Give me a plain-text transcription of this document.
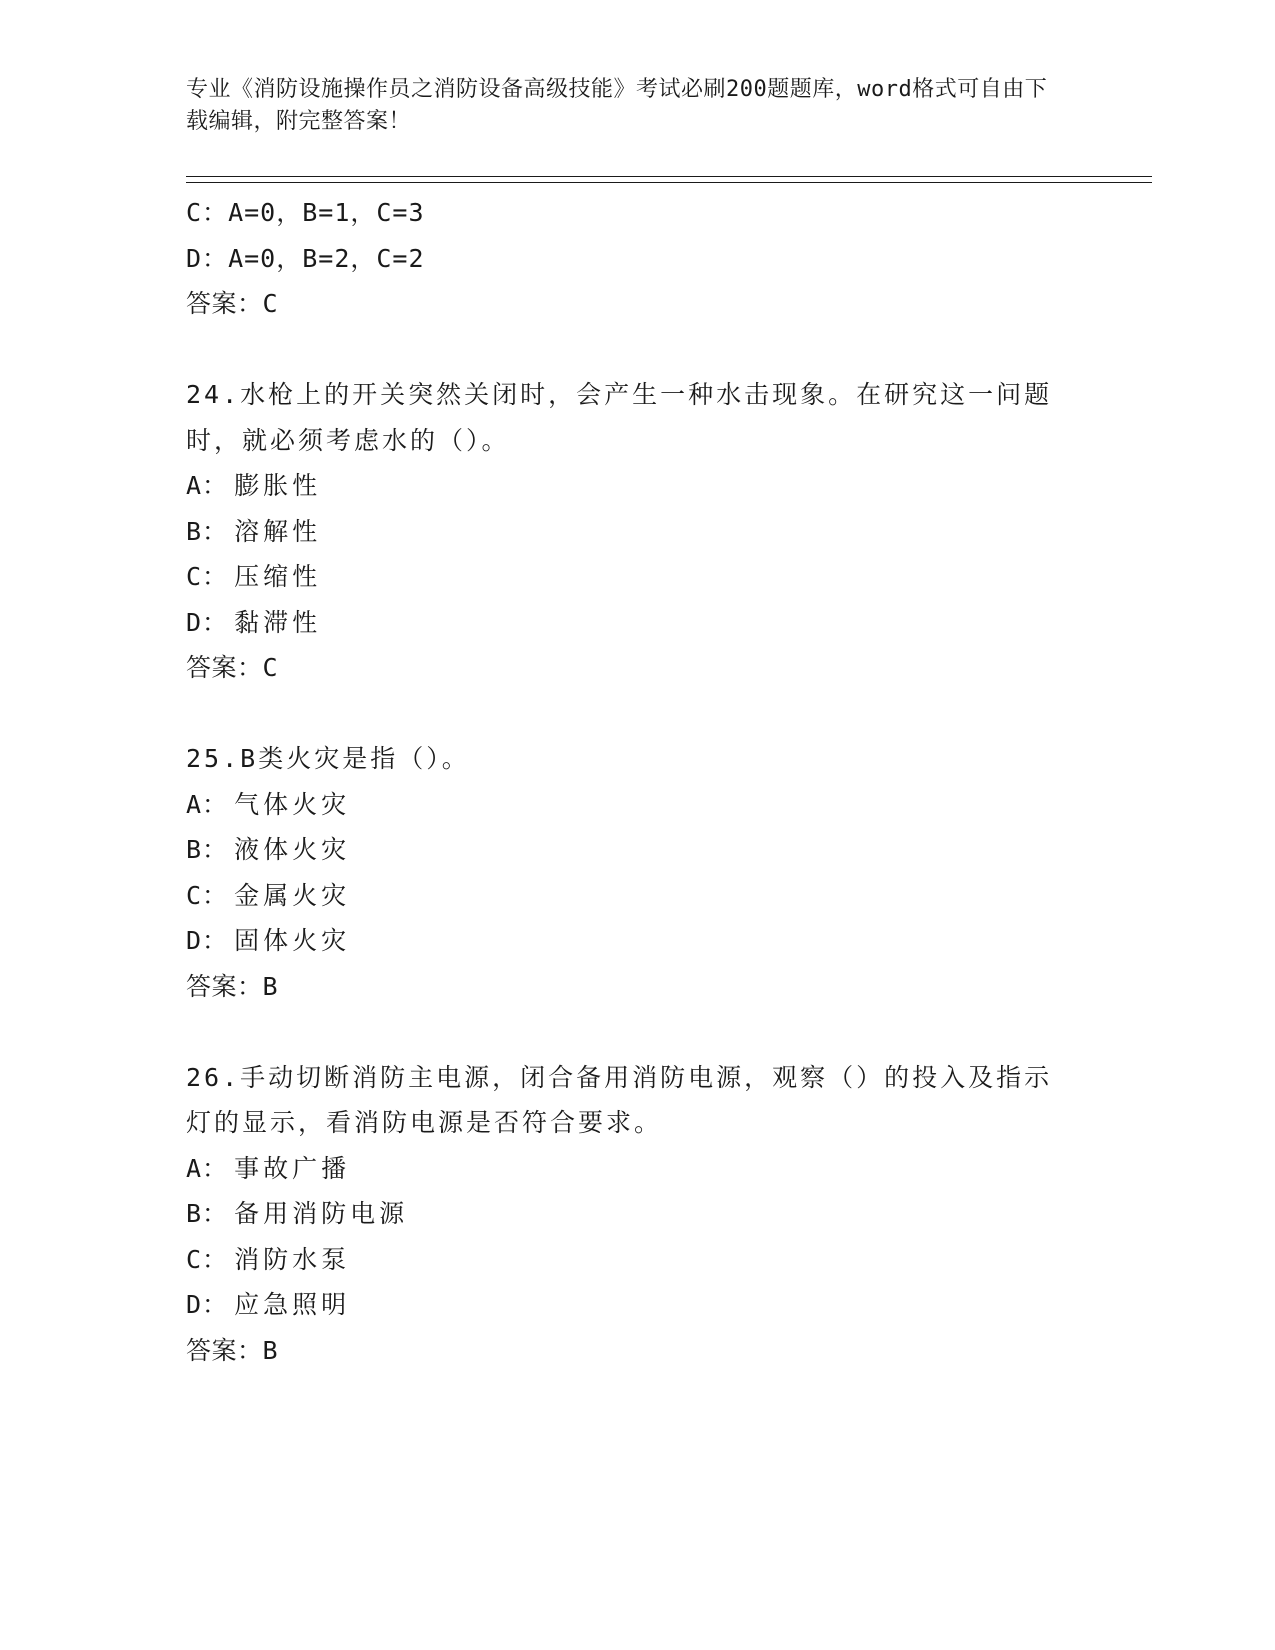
专业《消防设施操作员之消防设备高级技能》考试必刷200题题库，word格式可自由下载编辑，附完整答案！
C：A=0，B=1，C=3
D：A=0，B=2，C=2
答案：C
24.水枪上的开关突然关闭时，会产生一种水击现象。在研究这一问题时，就必须考虑水的（）。
A： 膨胀性
B： 溶解性
C： 压缩性
D： 黏滞性
答案：C
25.B类火灾是指（）。
A： 气体火灾
B： 液体火灾
C： 金属火灾
D： 固体火灾
答案：B
26.手动切断消防主电源，闭合备用消防电源，观察（）的投入及指示灯的显示，看消防电源是否符合要求。
A： 事故广播
B： 备用消防电源
C： 消防水泵
D： 应急照明
答案：B
